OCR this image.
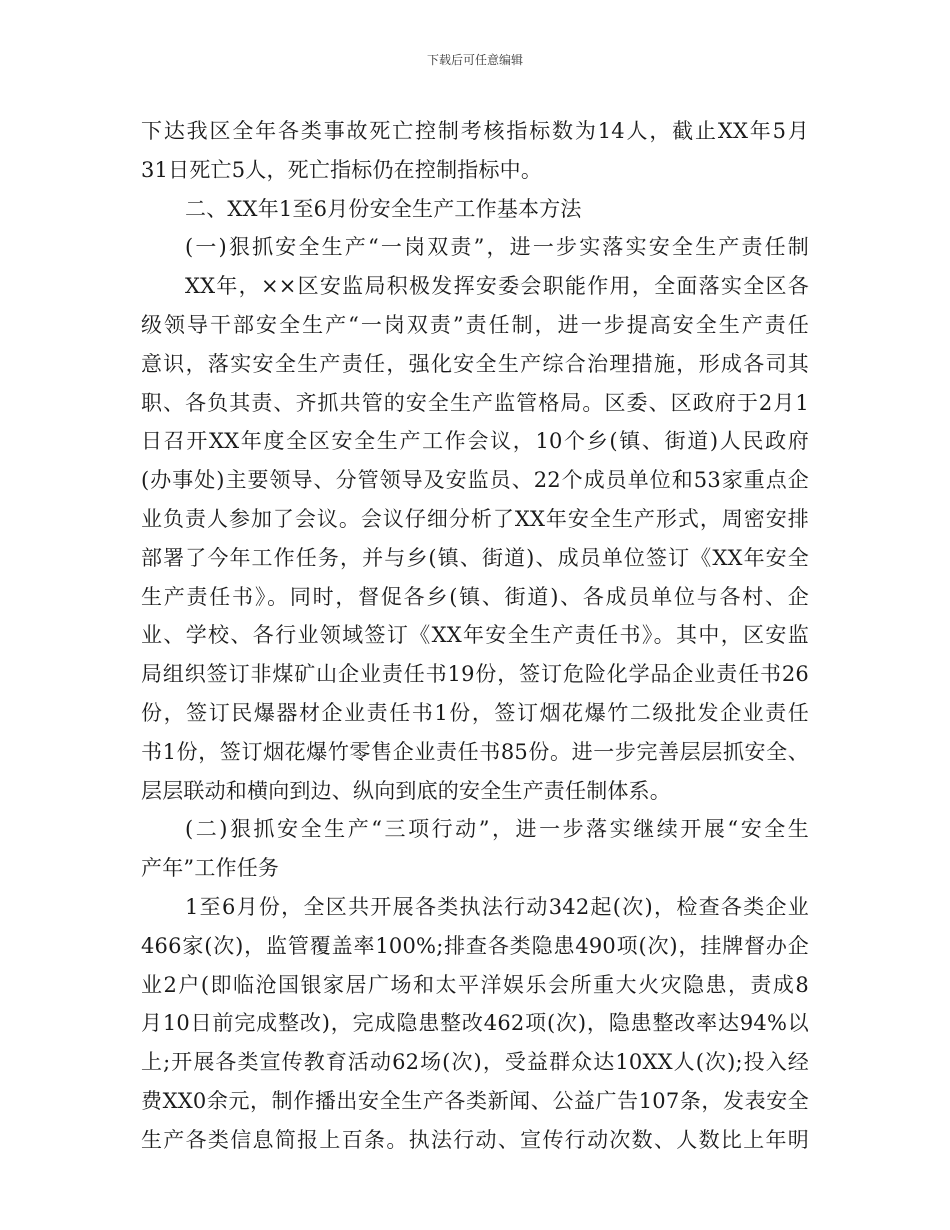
下载后可任意编辑
下达我区全年各类事故死亡控制考核指标数为14人，截止XX年5月
31日死亡5人，死亡指标仍在控制指标中。
二、XX年1至6月份安全生产工作基本方法
(一)狠抓安全生产“一岗双责”，进一步实落实安全生产责任制
XX年，××区安监局积极发挥安委会职能作用，全面落实全区各
级领导干部安全生产“一岗双责”责任制，进一步提高安全生产责任
意识，落实安全生产责任，强化安全生产综合治理措施，形成各司其
职、各负其责、齐抓共管的安全生产监管格局。区委、区政府于2月1
日召开XX年度全区安全生产工作会议，10个乡(镇、街道)人民政府
(办事处)主要领导、分管领导及安监员、22个成员单位和53家重点企
业负责人参加了会议。会议仔细分析了XX年安全生产形式，周密安排
部署了今年工作任务，并与乡(镇、街道)、成员单位签订《XX年安全
生产责任书》。同时，督促各乡(镇、街道)、各成员单位与各村、企
业、学校、各行业领域签订《XX年安全生产责任书》。其中，区安监
局组织签订非煤矿山企业责任书19份，签订危险化学品企业责任书26
份，签订民爆器材企业责任书1份，签订烟花爆竹二级批发企业责任
书1份，签订烟花爆竹零售企业责任书85份。进一步完善层层抓安全、
层层联动和横向到边、纵向到底的安全生产责任制体系。
(二)狠抓安全生产“三项行动”，进一步落实继续开展“安全生
产年”工作任务
1至6月份，全区共开展各类执法行动342起(次)，检查各类企业
466家(次)，监管覆盖率100%;排查各类隐患490项(次)，挂牌督办企
业2户(即临沧国银家居广场和太平洋娱乐会所重大火灾隐患，责成8
月10日前完成整改)，完成隐患整改462项(次)，隐患整改率达94%以
上;开展各类宣传教育活动62场(次)，受益群众达10XX人(次);投入经
费XX0余元，制作播出安全生产各类新闻、公益广告107条，发表安全
生产各类信息简报上百条。执法行动、宣传行动次数、人数比上年明
